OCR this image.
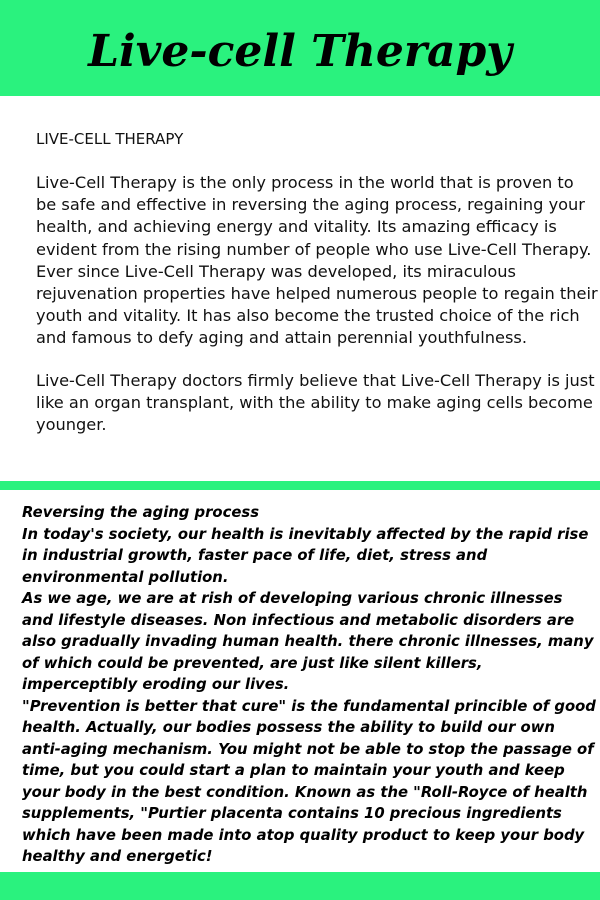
Live-cell Therapy

LIVE-CELL THERAPY

Live-Cell Therapy is the only process in the world that is proven to be safe and effective in reversing the aging process, regaining your health, and achieving energy and vitality. Its amazing efficacy is evident from the rising number of people who use Live-Cell Therapy. Ever since Live-Cell Therapy was developed, its miraculous rejuvenation properties have helped numerous people to regain their youth and vitality. It has also become the trusted choice of the rich and famous to defy aging and attain perennial youthfulness.

Live-Cell Therapy doctors firmly believe that Live-Cell Therapy is just like an organ transplant, with the ability to make aging cells become younger.

Reversing the aging process

In today's society, our health is inevitably affected by the rapid rise in industrial growth, faster pace of life, diet, stress and environmental pollution.

As we age, we are at rish of developing various chronic illnesses and lifestyle diseases. Non infectious and metabolic disorders are also gradually invading human health. there chronic illnesses, many of which could be prevented, are just like silent killers, imperceptibly eroding our lives.

"Prevention is better that cure" is the fundamental princible of good health. Actually, our bodies possess the ability to build our own anti-aging mechanism. You might not be able to stop the passage of time, but you could start a plan to maintain your youth and keep your body in the best condition. Known as the "Roll-Royce of health supplements, "Purtier placenta contains 10 precious ingredients which have been made into atop quality product to keep your body healthy and energetic!
